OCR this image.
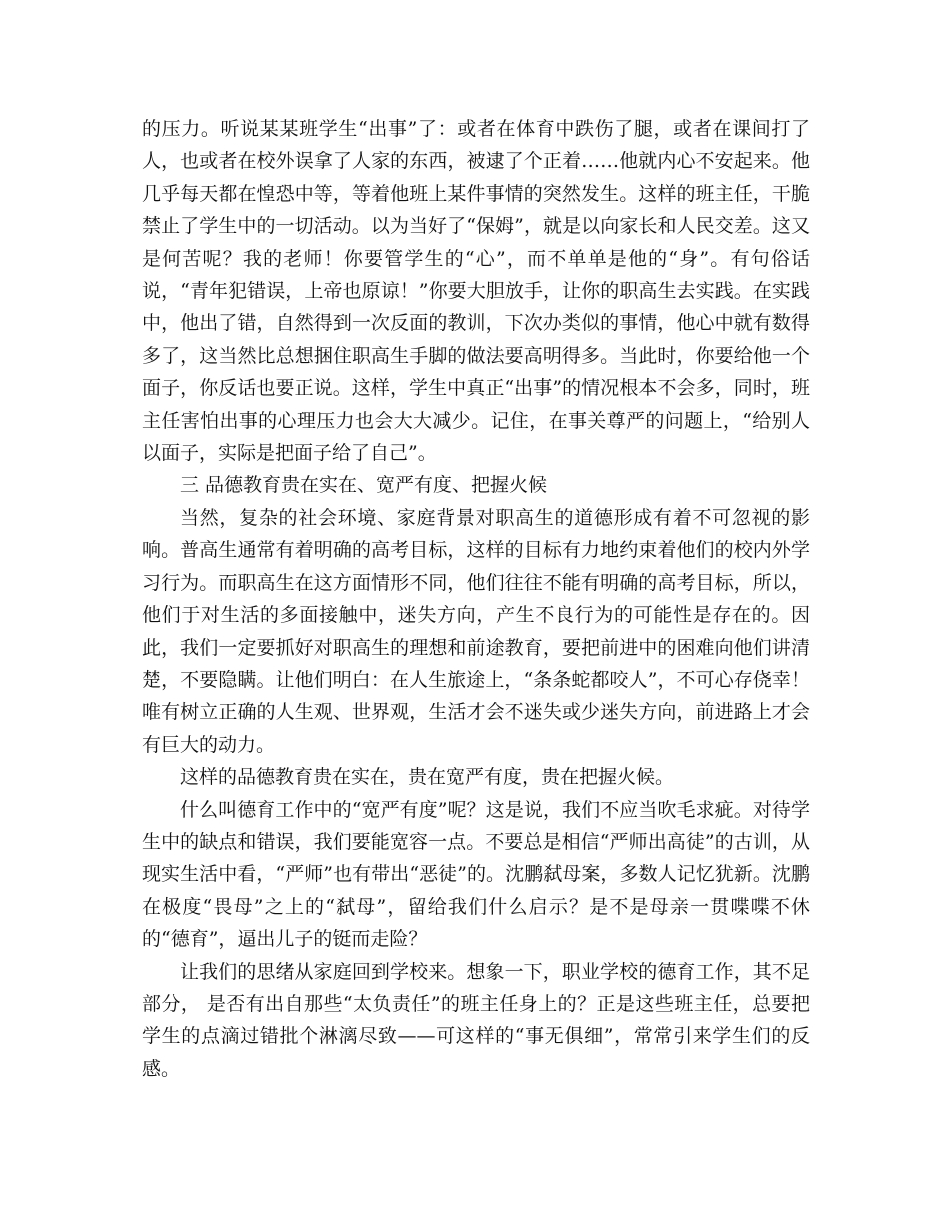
的压力。听说某某班学生“出事”了：或者在体育中跌伤了腿，或者在课间打了人，也或者在校外误拿了人家的东西，被逮了个正着……他就内心不安起来。他几乎每天都在惶恐中等，等着他班上某件事情的突然发生。这样的班主任，干脆禁止了学生中的一切活动。以为当好了“保姆”，就是以向家长和人民交差。这又是何苦呢？我的老师！你要管学生的“心”，而不单单是他的“身”。有句俗话说，“青年犯错误，上帝也原谅！”你要大胆放手，让你的职高生去实践。在实践中，他出了错，自然得到一次反面的教训，下次办类似的事情，他心中就有数得多了，这当然比总想捆住职高生手脚的做法要高明得多。当此时，你要给他一个面子，你反话也要正说。这样，学生中真正“出事”的情况根本不会多，同时，班主任害怕出事的心理压力也会大大减少。记住，在事关尊严的问题上，“给别人以面子，实际是把面子给了自己”。

三 品德教育贵在实在、宽严有度、把握火候

当然，复杂的社会环境、家庭背景对职高生的道德形成有着不可忽视的影响。普高生通常有着明确的高考目标，这样的目标有力地约束着他们的校内外学习行为。而职高生在这方面情形不同，他们往往不能有明确的高考目标，所以，他们于对生活的多面接触中，迷失方向，产生不良行为的可能性是存在的。因此，我们一定要抓好对职高生的理想和前途教育，要把前进中的困难向他们讲清楚，不要隐瞒。让他们明白：在人生旅途上，“条条蛇都咬人”，不可心存侥幸！唯有树立正确的人生观、世界观，生活才会不迷失或少迷失方向，前进路上才会有巨大的动力。

这样的品德教育贵在实在，贵在宽严有度，贵在把握火候。

什么叫德育工作中的“宽严有度”呢？这是说，我们不应当吹毛求疵。对待学生中的缺点和错误，我们要能宽容一点。不要总是相信“严师出高徒”的古训，从现实生活中看，“严师”也有带出“恶徒”的。沈鹏弑母案，多数人记忆犹新。沈鹏在极度“畏母”之上的“弑母”，留给我们什么启示？是不是母亲一贯喋喋不休的“德育”，逼出儿子的铤而走险？

让我们的思绪从家庭回到学校来。想象一下，职业学校的德育工作，其不足部分， 是否有出自那些“太负责任”的班主任身上的？正是这些班主任，总要把学生的点滴过错批个淋漓尽致——可这样的“事无俱细”，常常引来学生们的反感。
